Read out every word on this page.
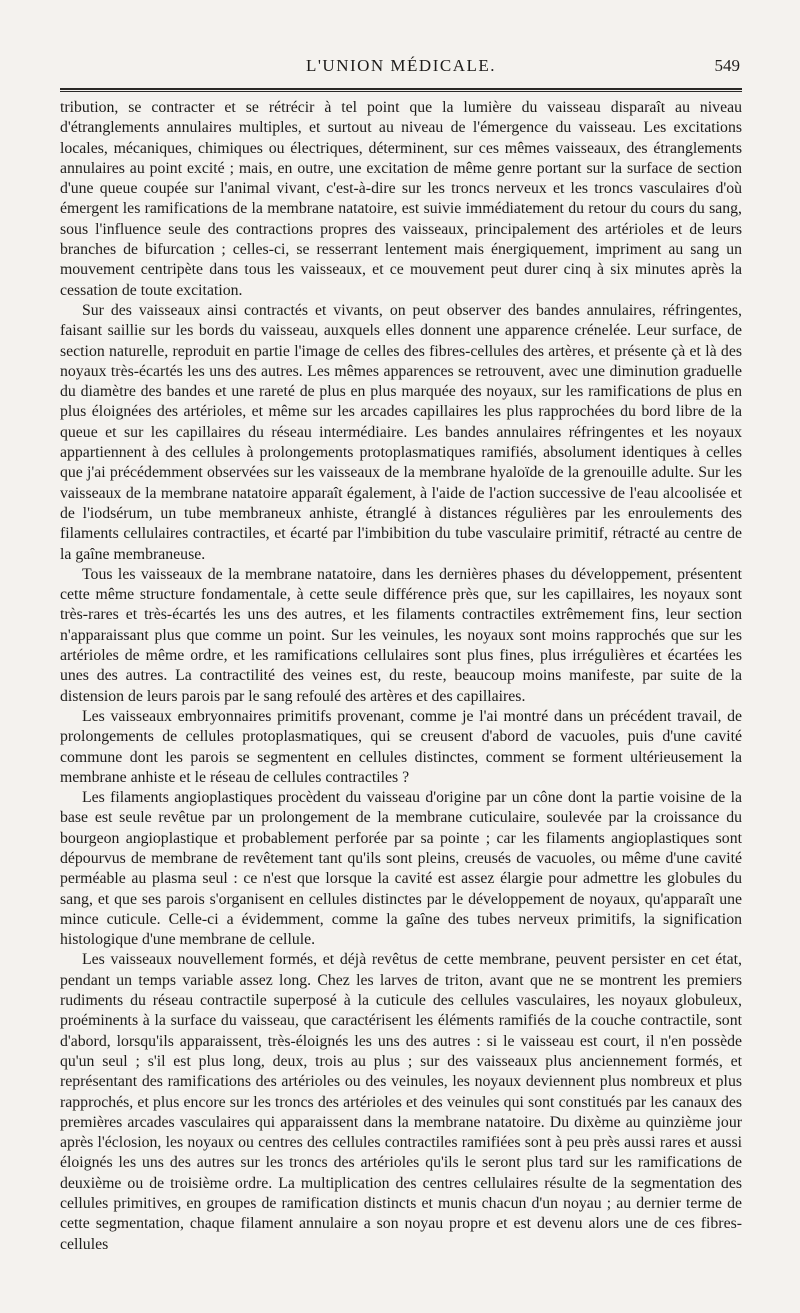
L'UNION MÉDICALE.	549

tribution, se contracter et se rétrécir à tel point que la lumière du vaisseau disparaît au niveau d'étranglements annulaires multiples, et surtout au niveau de l'émergence du vaisseau. Les excitations locales, mécaniques, chimiques ou électriques, déterminent, sur ces mêmes vaisseaux, des étranglements annulaires au point excité ; mais, en outre, une excitation de même genre portant sur la surface de section d'une queue coupée sur l'animal vivant, c'est-à-dire sur les troncs nerveux et les troncs vasculaires d'où émergent les ramifications de la membrane natatoire, est suivie immédiatement du retour du cours du sang, sous l'influence seule des contractions propres des vaisseaux, principalement des artérioles et de leurs branches de bifurcation ; celles-ci, se resserrant lentement mais énergiquement, impriment au sang un mouvement centripète dans tous les vaisseaux, et ce mouvement peut durer cinq à six minutes après la cessation de toute excitation.

Sur des vaisseaux ainsi contractés et vivants, on peut observer des bandes annulaires, réfringentes, faisant saillie sur les bords du vaisseau, auxquels elles donnent une apparence crénelée. Leur surface, de section naturelle, reproduit en partie l'image de celles des fibres-cellules des artères, et présente çà et là des noyaux très-écartés les uns des autres. Les mêmes apparences se retrouvent, avec une diminution graduelle du diamètre des bandes et une rareté de plus en plus marquée des noyaux, sur les ramifications de plus en plus éloignées des artérioles, et même sur les arcades capillaires les plus rapprochées du bord libre de la queue et sur les capillaires du réseau intermédiaire. Les bandes annulaires réfringentes et les noyaux appartiennent à des cellules à prolongements protoplasmatiques ramifiés, absolument identiques à celles que j'ai précédemment observées sur les vaisseaux de la membrane hyaloïde de la grenouille adulte. Sur les vaisseaux de la membrane natatoire apparaît également, à l'aide de l'action successive de l'eau alcoolisée et de l'iodsérum, un tube membraneux anhiste, étranglé à distances régulières par les enroulements des filaments cellulaires contractiles, et écarté par l'imbibition du tube vasculaire primitif, rétracté au centre de la gaîne membraneuse.

Tous les vaisseaux de la membrane natatoire, dans les dernières phases du développement, présentent cette même structure fondamentale, à cette seule différence près que, sur les capillaires, les noyaux sont très-rares et très-écartés les uns des autres, et les filaments contractiles extrêmement fins, leur section n'apparaissant plus que comme un point. Sur les veinules, les noyaux sont moins rapprochés que sur les artérioles de même ordre, et les ramifications cellulaires sont plus fines, plus irrégulières et écartées les unes des autres. La contractilité des veines est, du reste, beaucoup moins manifeste, par suite de la distension de leurs parois par le sang refoulé des artères et des capillaires.

Les vaisseaux embryonnaires primitifs provenant, comme je l'ai montré dans un précédent travail, de prolongements de cellules protoplasmatiques, qui se creusent d'abord de vacuoles, puis d'une cavité commune dont les parois se segmentent en cellules distinctes, comment se forment ultérieusement la membrane anhiste et le réseau de cellules contractiles ?

Les filaments angioplastiques procèdent du vaisseau d'origine par un cône dont la partie voisine de la base est seule revêtue par un prolongement de la membrane cuticulaire, soulevée par la croissance du bourgeon angioplastique et probablement perforée par sa pointe ; car les filaments angioplastiques sont dépourvus de membrane de revêtement tant qu'ils sont pleins, creusés de vacuoles, ou même d'une cavité perméable au plasma seul : ce n'est que lorsque la cavité est assez élargie pour admettre les globules du sang, et que ses parois s'organisent en cellules distinctes par le développement de noyaux, qu'apparaît une mince cuticule. Celle-ci a évidemment, comme la gaîne des tubes nerveux primitifs, la signification histologique d'une membrane de cellule.

Les vaisseaux nouvellement formés, et déjà revêtus de cette membrane, peuvent persister en cet état, pendant un temps variable assez long. Chez les larves de triton, avant que ne se montrent les premiers rudiments du réseau contractile superposé à la cuticule des cellules vasculaires, les noyaux globuleux, proéminents à la surface du vaisseau, que caractérisent les éléments ramifiés de la couche contractile, sont d'abord, lorsqu'ils apparaissent, très-éloignés les uns des autres : si le vaisseau est court, il n'en possède qu'un seul ; s'il est plus long, deux, trois au plus ; sur des vaisseaux plus anciennement formés, et représentant des ramifications des artérioles ou des veinules, les noyaux deviennent plus nombreux et plus rapprochés, et plus encore sur les troncs des artérioles et des veinules qui sont constitués par les canaux des premières arcades vasculaires qui apparaissent dans la membrane natatoire. Du dixème au quinzième jour après l'éclosion, les noyaux ou centres des cellules contractiles ramifiées sont à peu près aussi rares et aussi éloignés les uns des autres sur les troncs des artérioles qu'ils le seront plus tard sur les ramifications de deuxième ou de troisième ordre. La multiplication des centres cellulaires résulte de la segmentation des cellules primitives, en groupes de ramification distincts et munis chacun d'un noyau ; au dernier terme de cette segmentation, chaque filament annulaire a son noyau propre et est devenu alors une de ces fibres-cellules
